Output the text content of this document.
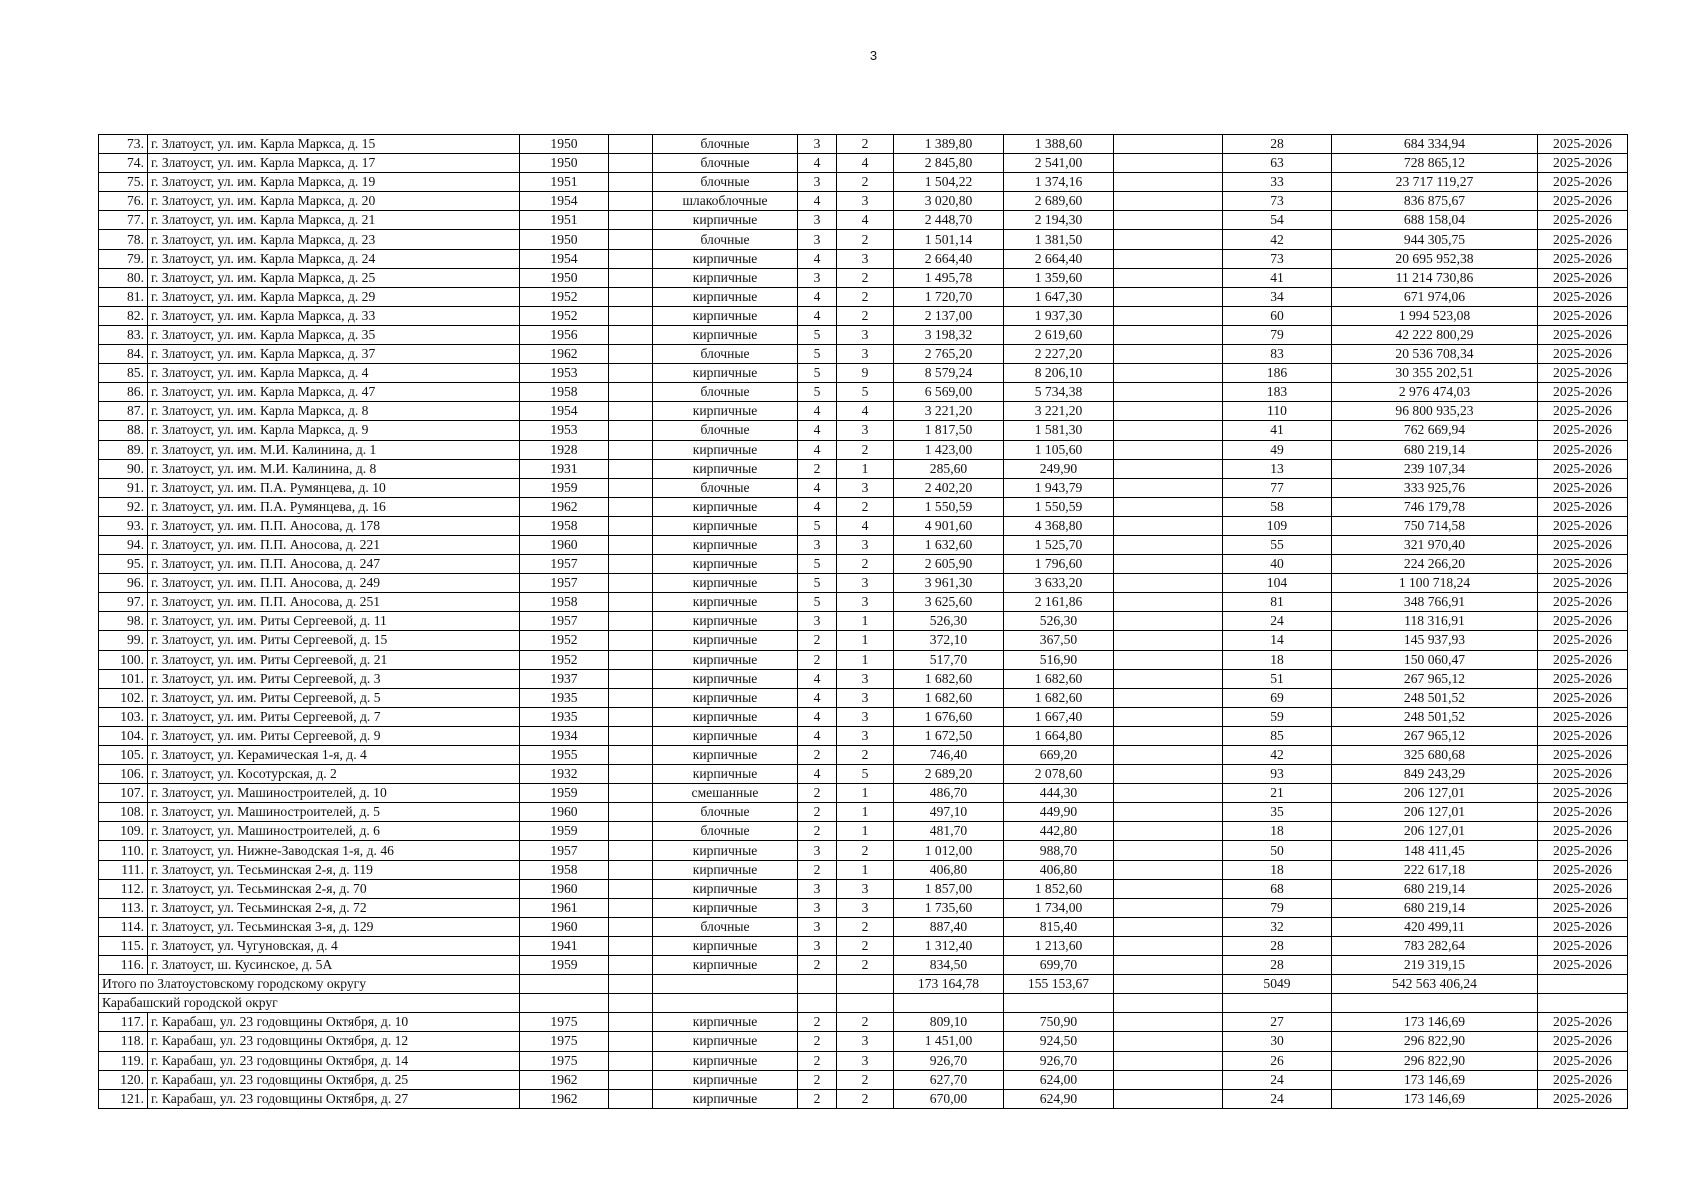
3
73.	г. Златоуст, ул. им. Карла Маркса, д. 15	1950		блочные	3	2	1 389,80	1 388,60		28	684 334,94	2025-2026
74.	г. Златоуст, ул. им. Карла Маркса, д. 17	1950		блочные	4	4	2 845,80	2 541,00		63	728 865,12	2025-2026
75.	г. Златоуст, ул. им. Карла Маркса, д. 19	1951		блочные	3	2	1 504,22	1 374,16		33	23 717 119,27	2025-2026
76.	г. Златоуст, ул. им. Карла Маркса, д. 20	1954		шлакоблочные	4	3	3 020,80	2 689,60		73	836 875,67	2025-2026
77.	г. Златоуст, ул. им. Карла Маркса, д. 21	1951		кирпичные	3	4	2 448,70	2 194,30		54	688 158,04	2025-2026
78.	г. Златоуст, ул. им. Карла Маркса, д. 23	1950		блочные	3	2	1 501,14	1 381,50		42	944 305,75	2025-2026
79.	г. Златоуст, ул. им. Карла Маркса, д. 24	1954		кирпичные	4	3	2 664,40	2 664,40		73	20 695 952,38	2025-2026
80.	г. Златоуст, ул. им. Карла Маркса, д. 25	1950		кирпичные	3	2	1 495,78	1 359,60		41	11 214 730,86	2025-2026
81.	г. Златоуст, ул. им. Карла Маркса, д. 29	1952		кирпичные	4	2	1 720,70	1 647,30		34	671 974,06	2025-2026
82.	г. Златоуст, ул. им. Карла Маркса, д. 33	1952		кирпичные	4	2	2 137,00	1 937,30		60	1 994 523,08	2025-2026
83.	г. Златоуст, ул. им. Карла Маркса, д. 35	1956		кирпичные	5	3	3 198,32	2 619,60		79	42 222 800,29	2025-2026
84.	г. Златоуст, ул. им. Карла Маркса, д. 37	1962		блочные	5	3	2 765,20	2 227,20		83	20 536 708,34	2025-2026
85.	г. Златоуст, ул. им. Карла Маркса, д. 4	1953		кирпичные	5	9	8 579,24	8 206,10		186	30 355 202,51	2025-2026
86.	г. Златоуст, ул. им. Карла Маркса, д. 47	1958		блочные	5	5	6 569,00	5 734,38		183	2 976 474,03	2025-2026
87.	г. Златоуст, ул. им. Карла Маркса, д. 8	1954		кирпичные	4	4	3 221,20	3 221,20		110	96 800 935,23	2025-2026
88.	г. Златоуст, ул. им. Карла Маркса, д. 9	1953		блочные	4	3	1 817,50	1 581,30		41	762 669,94	2025-2026
89.	г. Златоуст, ул. им. М.И. Калинина, д. 1	1928		кирпичные	4	2	1 423,00	1 105,60		49	680 219,14	2025-2026
90.	г. Златоуст, ул. им. М.И. Калинина, д. 8	1931		кирпичные	2	1	285,60	249,90		13	239 107,34	2025-2026
91.	г. Златоуст, ул. им. П.А. Румянцева, д. 10	1959		блочные	4	3	2 402,20	1 943,79		77	333 925,76	2025-2026
92.	г. Златоуст, ул. им. П.А. Румянцева, д. 16	1962		кирпичные	4	2	1 550,59	1 550,59		58	746 179,78	2025-2026
93.	г. Златоуст, ул. им. П.П. Аносова, д. 178	1958		кирпичные	5	4	4 901,60	4 368,80		109	750 714,58	2025-2026
94.	г. Златоуст, ул. им. П.П. Аносова, д. 221	1960		кирпичные	3	3	1 632,60	1 525,70		55	321 970,40	2025-2026
95.	г. Златоуст, ул. им. П.П. Аносова, д. 247	1957		кирпичные	5	2	2 605,90	1 796,60		40	224 266,20	2025-2026
96.	г. Златоуст, ул. им. П.П. Аносова, д. 249	1957		кирпичные	5	3	3 961,30	3 633,20		104	1 100 718,24	2025-2026
97.	г. Златоуст, ул. им. П.П. Аносова, д. 251	1958		кирпичные	5	3	3 625,60	2 161,86		81	348 766,91	2025-2026
98.	г. Златоуст, ул. им. Риты Сергеевой, д. 11	1957		кирпичные	3	1	526,30	526,30		24	118 316,91	2025-2026
99.	г. Златоуст, ул. им. Риты Сергеевой, д. 15	1952		кирпичные	2	1	372,10	367,50		14	145 937,93	2025-2026
100.	г. Златоуст, ул. им. Риты Сергеевой, д. 21	1952		кирпичные	2	1	517,70	516,90		18	150 060,47	2025-2026
101.	г. Златоуст, ул. им. Риты Сергеевой, д. 3	1937		кирпичные	4	3	1 682,60	1 682,60		51	267 965,12	2025-2026
102.	г. Златоуст, ул. им. Риты Сергеевой, д. 5	1935		кирпичные	4	3	1 682,60	1 682,60		69	248 501,52	2025-2026
103.	г. Златоуст, ул. им. Риты Сергеевой, д. 7	1935		кирпичные	4	3	1 676,60	1 667,40		59	248 501,52	2025-2026
104.	г. Златоуст, ул. им. Риты Сергеевой, д. 9	1934		кирпичные	4	3	1 672,50	1 664,80		85	267 965,12	2025-2026
105.	г. Златоуст, ул. Керамическая 1-я, д. 4	1955		кирпичные	2	2	746,40	669,20		42	325 680,68	2025-2026
106.	г. Златоуст, ул. Косотурская, д. 2	1932		кирпичные	4	5	2 689,20	2 078,60		93	849 243,29	2025-2026
107.	г. Златоуст, ул. Машиностроителей, д. 10	1959		смешанные	2	1	486,70	444,30		21	206 127,01	2025-2026
108.	г. Златоуст, ул. Машиностроителей, д. 5	1960		блочные	2	1	497,10	449,90		35	206 127,01	2025-2026
109.	г. Златоуст, ул. Машиностроителей, д. 6	1959		блочные	2	1	481,70	442,80		18	206 127,01	2025-2026
110.	г. Златоуст, ул. Нижне-Заводская 1-я, д. 46	1957		кирпичные	3	2	1 012,00	988,70		50	148 411,45	2025-2026
111.	г. Златоуст, ул. Тесьминская 2-я, д. 119	1958		кирпичные	2	1	406,80	406,80		18	222 617,18	2025-2026
112.	г. Златоуст, ул. Тесьминская 2-я, д. 70	1960		кирпичные	3	3	1 857,00	1 852,60		68	680 219,14	2025-2026
113.	г. Златоуст, ул. Тесьминская 2-я, д. 72	1961		кирпичные	3	3	1 735,60	1 734,00		79	680 219,14	2025-2026
114.	г. Златоуст, ул. Тесьминская 3-я, д. 129	1960		блочные	3	2	887,40	815,40		32	420 499,11	2025-2026
115.	г. Златоуст, ул. Чугуновская, д. 4	1941		кирпичные	3	2	1 312,40	1 213,60		28	783 282,64	2025-2026
116.	г. Златоуст, ш. Кусинское, д. 5А	1959		кирпичные	2	2	834,50	699,70		28	219 319,15	2025-2026
Итого по Златоустовскому городскому округу							173 164,78	155 153,67		5049	542 563 406,24	
Карабашский городской округ												
117.	г. Карабаш, ул. 23 годовщины Октября, д. 10	1975		кирпичные	2	2	809,10	750,90		27	173 146,69	2025-2026
118.	г. Карабаш, ул. 23 годовщины Октября, д. 12	1975		кирпичные	2	3	1 451,00	924,50		30	296 822,90	2025-2026
119.	г. Карабаш, ул. 23 годовщины Октября, д. 14	1975		кирпичные	2	3	926,70	926,70		26	296 822,90	2025-2026
120.	г. Карабаш, ул. 23 годовщины Октября, д. 25	1962		кирпичные	2	2	627,70	624,00		24	173 146,69	2025-2026
121.	г. Карабаш, ул. 23 годовщины Октября, д. 27	1962		кирпичные	2	2	670,00	624,90		24	173 146,69	2025-2026
